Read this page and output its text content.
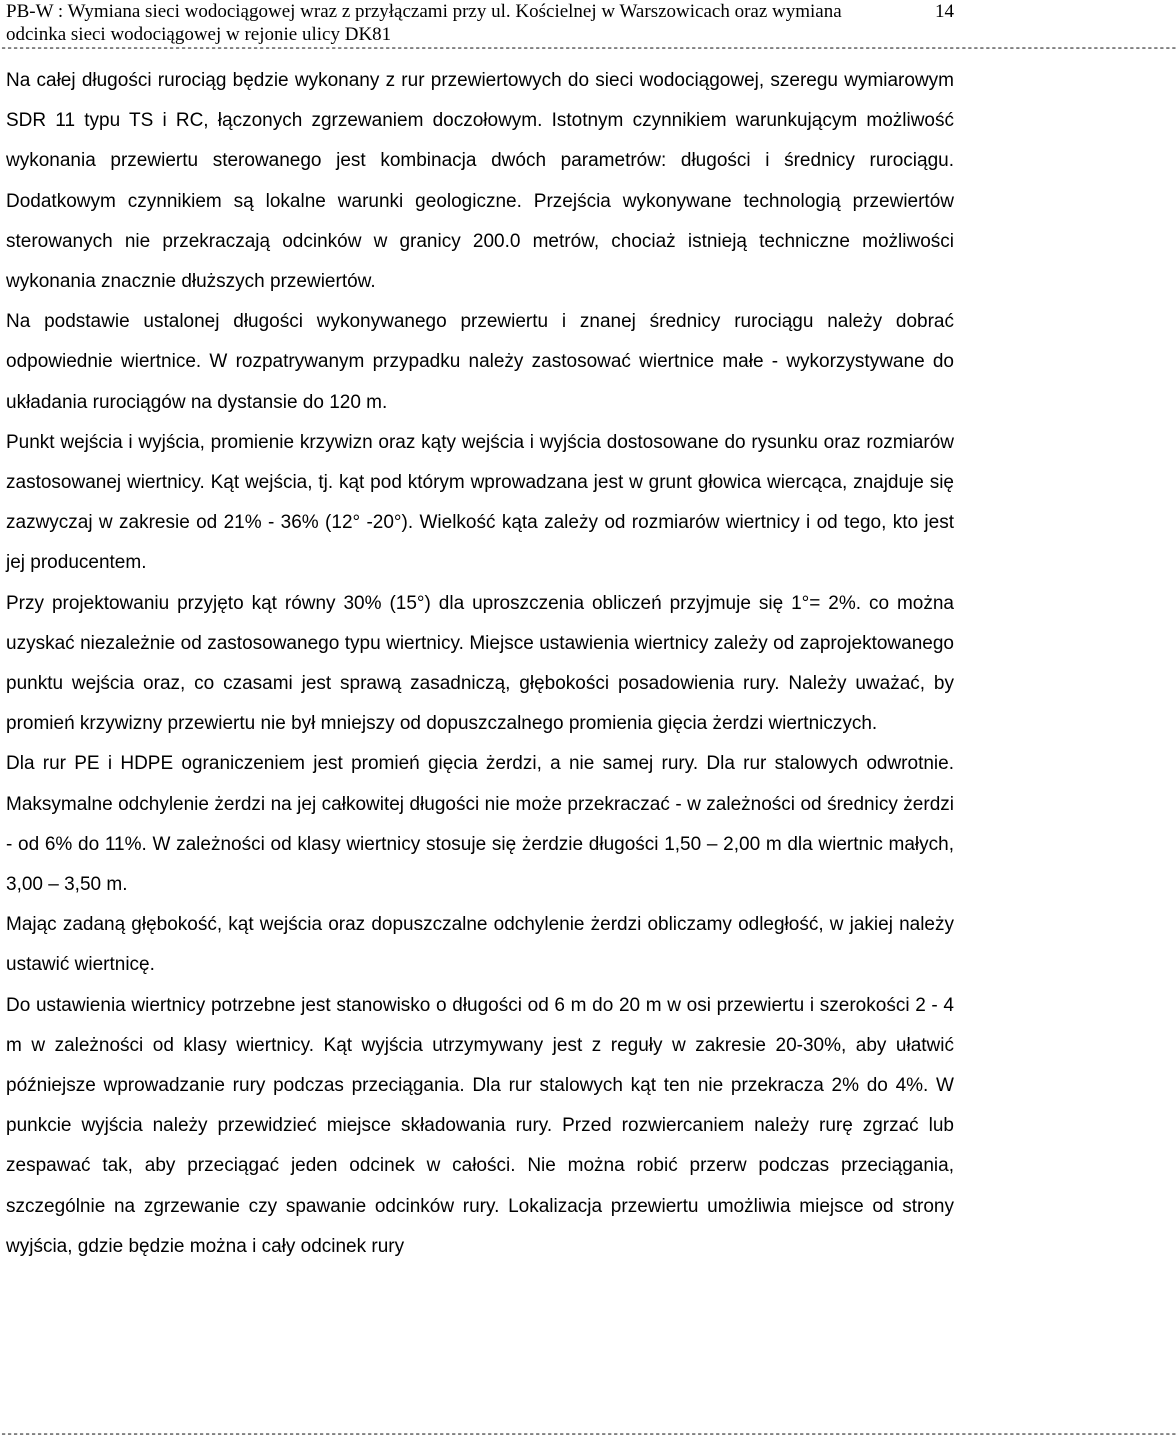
PB-W : Wymiana sieci wodociągowej wraz z przyłączami przy ul. Kościelnej w Warszowicach oraz wymiana
odcinka sieci wodociągowej w rejonie ulicy DK81
14
----------------------------------------------------------------------------------------------------------------------------------------------------------------------------------------------------

Na całej długości rurociąg będzie wykonany z rur przewiertowych do sieci wodociągowej, szeregu wymiarowym SDR 11 typu TS i RC, łączonych zgrzewaniem doczołowym. Istotnym czynnikiem warunkującym możliwość wykonania przewiertu sterowanego jest kombinacja dwóch parametrów: długości i średnicy rurociągu. Dodatkowym czynnikiem są lokalne warunki geologiczne. Przejścia wykonywane technologią przewiertów sterowanych nie przekraczają odcinków w granicy 200.0 metrów, chociaż istnieją techniczne możliwości wykonania znacznie dłuższych przewiertów.

Na podstawie ustalonej długości wykonywanego przewiertu i znanej średnicy rurociągu należy dobrać odpowiednie wiertnice. W rozpatrywanym przypadku należy zastosować wiertnice małe - wykorzystywane do układania rurociągów na dystansie do 120 m.

Punkt wejścia i wyjścia, promienie krzywizn oraz kąty wejścia i wyjścia dostosowane do rysunku oraz rozmiarów zastosowanej wiertnicy. Kąt wejścia, tj. kąt pod którym wprowadzana jest w grunt głowica wiercąca, znajduje się zazwyczaj w zakresie od 21% - 36% (12° -20°). Wielkość kąta zależy od rozmiarów wiertnicy i od tego, kto jest jej producentem.

Przy projektowaniu przyjęto kąt równy 30% (15°) dla uproszczenia obliczeń przyjmuje się 1°= 2%. co można uzyskać niezależnie od zastosowanego typu wiertnicy. Miejsce ustawienia wiertnicy zależy od zaprojektowanego punktu wejścia oraz, co czasami jest sprawą zasadniczą, głębokości posadowienia rury. Należy uważać, by promień krzywizny przewiertu nie był mniejszy od dopuszczalnego promienia gięcia żerdzi wiertniczych.

Dla rur PE i HDPE ograniczeniem jest promień gięcia żerdzi, a nie samej rury. Dla rur stalowych odwrotnie. Maksymalne odchylenie żerdzi na jej całkowitej długości nie może przekraczać - w zależności od średnicy żerdzi - od 6% do 11%. W zależności od klasy wiertnicy stosuje się żerdzie długości 1,50 – 2,00 m dla wiertnic małych, 3,00 – 3,50 m.

Mając zadaną głębokość, kąt wejścia oraz dopuszczalne odchylenie żerdzi obliczamy odległość, w jakiej należy ustawić wiertnicę.

Do ustawienia wiertnicy potrzebne jest stanowisko o długości od 6 m do 20 m w osi przewiertu i szerokości 2 - 4 m w zależności od klasy wiertnicy. Kąt wyjścia utrzymywany jest z reguły w zakresie 20-30%, aby ułatwić późniejsze wprowadzanie rury podczas przeciągania. Dla rur stalowych kąt ten nie przekracza 2% do 4%. W punkcie wyjścia należy przewidzieć miejsce składowania rury. Przed rozwiercaniem należy rurę zgrzać lub zespawać tak, aby przeciągać jeden odcinek w całości. Nie można robić przerw podczas przeciągania, szczególnie na zgrzewanie czy spawanie odcinków rury. Lokalizacja przewiertu umożliwia miejsce od strony wyjścia, gdzie będzie można i cały odcinek rury

----------------------------------------------------------------------------------------------------------------------------------------------------------------------------------------------------
